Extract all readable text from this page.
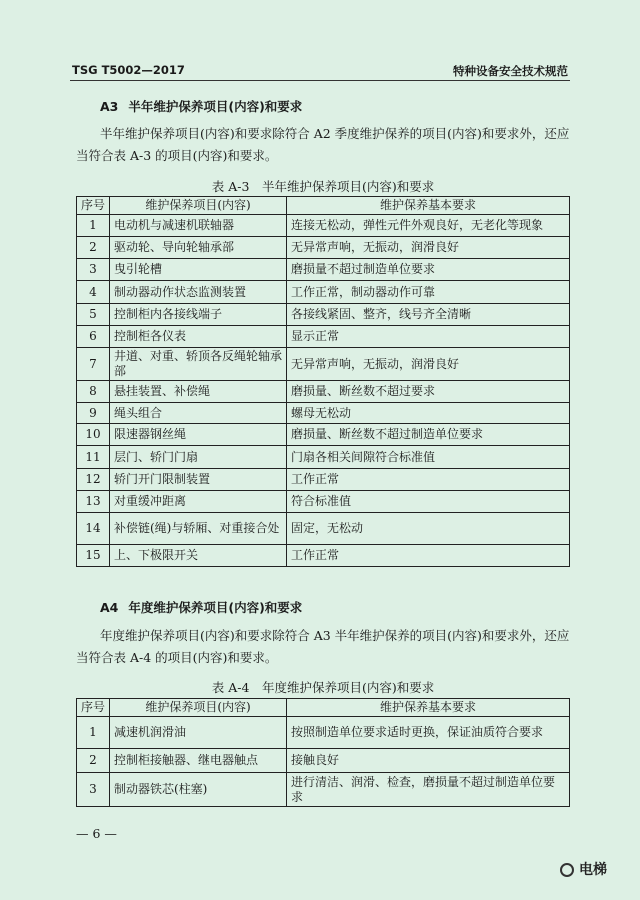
TSG T5002—2017	特种设备安全技术规范
A3 半年维护保养项目(内容)和要求
半年维护保养项目(内容)和要求除符合 A2 季度维护保养的项目(内容)和要求外，还应当符合表 A-3 的项目(内容)和要求。
表 A-3　半年维护保养项目(内容)和要求
序号	维护保养项目(内容)	维护保养基本要求
1	电动机与减速机联轴器	连接无松动，弹性元件外观良好，无老化等现象
2	驱动轮、导向轮轴承部	无异常声响，无振动，润滑良好
3	曳引轮槽	磨损量不超过制造单位要求
4	制动器动作状态监测装置	工作正常，制动器动作可靠
5	控制柜内各接线端子	各接线紧固、整齐，线号齐全清晰
6	控制柜各仪表	显示正常
7	井道、对重、轿顶各反绳轮轴承部	无异常声响，无振动，润滑良好
8	悬挂装置、补偿绳	磨损量、断丝数不超过要求
9	绳头组合	螺母无松动
10	限速器钢丝绳	磨损量、断丝数不超过制造单位要求
11	层门、轿门门扇	门扇各相关间隙符合标准值
12	轿门开门限制装置	工作正常
13	对重缓冲距离	符合标准值
14	补偿链(绳)与轿厢、对重接合处	固定，无松动
15	上、下极限开关	工作正常
A4 年度维护保养项目(内容)和要求
年度维护保养项目(内容)和要求除符合 A3 半年维护保养的项目(内容)和要求外，还应当符合表 A-4 的项目(内容)和要求。
表 A-4　年度维护保养项目(内容)和要求
序号	维护保养项目(内容)	维护保养基本要求
1	减速机润滑油	按照制造单位要求适时更换，保证油质符合要求
2	控制柜接触器、继电器触点	接触良好
3	制动器铁芯(柱塞)	进行清洁、润滑、检查，磨损量不超过制造单位要求
— 6 —
电梯
